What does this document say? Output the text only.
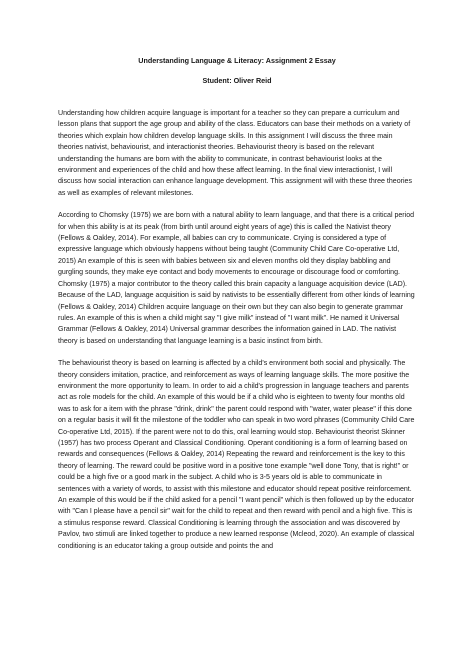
Understanding Language & Literacy: Assignment 2 Essay
Student: Oliver Reid

Understanding how children acquire language is important for a teacher so they can prepare a curriculum and lesson plans that support the age group and ability of the class. Educators can base their methods on a variety of theories which explain how children develop language skills. In this assignment I will discuss the three main theories nativist, behaviourist, and interactionist theories. Behaviourist theory is based on the relevant understanding the humans are born with the ability to communicate, in contrast behaviourist looks at the environment and experiences of the child and how these affect learning. In the final view interactionist, I will discuss how social interaction can enhance language development. This assignment will with these three theories as well as examples of relevant milestones.

According to Chomsky (1975) we are born with a natural ability to learn language, and that there is a critical period for when this ability is at its peak (from birth until around eight years of age) this is called the Nativist theory (Fellows & Oakley, 2014). For example, all babies can cry to communicate. Crying is considered a type of expressive language which obviously happens without being taught (Community Child Care Co-operative Ltd, 2015) An example of this is seen with babies between six and eleven months old they display babbling and gurgling sounds, they make eye contact and body movements to encourage or discourage food or comforting. Chomsky (1975) a major contributor to the theory called this brain capacity a language acquisition device (LAD). Because of the LAD, language acquisition is said by nativists to be essentially different from other kinds of learning (Fellows & Oakley, 2014) Children acquire language on their own but they can also begin to generate grammar rules. An example of this is when a child might say "I give milk" instead of "I want milk". He named it Universal Grammar (Fellows & Oakley, 2014) Universal grammar describes the information gained in LAD. The nativist theory is based on understanding that language learning is a basic instinct from birth.

The behaviourist theory is based on learning is affected by a child's environment both social and physically. The theory considers imitation, practice, and reinforcement as ways of learning language skills. The more positive the environment the more opportunity to learn. In order to aid a child's progression in language teachers and parents act as role models for the child. An example of this would be if a child who is eighteen to twenty four months old was to ask for a item with the phrase "drink, drink" the parent could respond with "water, water please" if this done on a regular basis it will fit the milestone of the toddler who can speak in two word phrases (Community Child Care Co-operative Ltd, 2015). If the parent were not to do this, oral learning would stop. Behaviourist theorist Skinner (1957) has two process Operant and Classical Conditioning. Operant conditioning is a form of learning based on rewards and consequences (Fellows & Oakley, 2014) Repeating the reward and reinforcement is the key to this theory of learning. The reward could be positive word in a positive tone example "well done Tony, that is right!" or could be a high five or a good mark in the subject. A child who is 3-5 years old is able to communicate in sentences with a variety of words, to assist with this milestone and educator should repeat positive reinforcement. An example of this would be if the child asked for a pencil "I want pencil" which is then followed up by the educator with "Can I please have a pencil sir" wait for the child to repeat and then reward with pencil and a high five. This is a stimulus response reward. Classical Conditioning is learning through the association and was discovered by Pavlov, two stimuli are linked together to produce a new learned response (Mcleod, 2020). An example of classical conditioning is an educator taking a group outside and points the and
